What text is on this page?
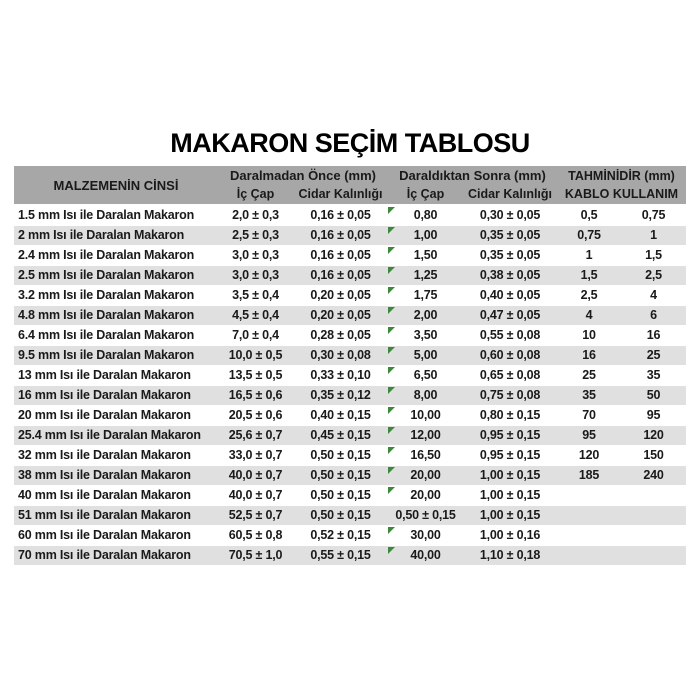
MAKARON SEÇİM TABLOSU
MALZEMENİN CİNSİ
Daralmadan Önce (mm)
İç Çap	Cidar Kalınlığı
Daraldıktan Sonra (mm)
İç Çap	Cidar Kalınlığı
TAHMİNİDİR (mm)
KABLO KULLANIM
1.5 mm Isı ile Daralan Makaron	2,0 ± 0,3	0,16 ± 0,05	0,80	0,30 ± 0,05	0,5	0,75
2 mm Isı ile Daralan Makaron	2,5 ± 0,3	0,16 ± 0,05	1,00	0,35 ± 0,05	0,75	1
2.4 mm Isı ile Daralan Makaron	3,0 ± 0,3	0,16 ± 0,05	1,50	0,35 ± 0,05	1	1,5
2.5 mm Isı ile Daralan Makaron	3,0 ± 0,3	0,16 ± 0,05	1,25	0,38 ± 0,05	1,5	2,5
3.2 mm Isı ile Daralan Makaron	3,5 ± 0,4	0,20 ± 0,05	1,75	0,40 ± 0,05	2,5	4
4.8 mm Isı ile Daralan Makaron	4,5 ± 0,4	0,20 ± 0,05	2,00	0,47 ± 0,05	4	6
6.4 mm Isı ile Daralan Makaron	7,0 ± 0,4	0,28 ± 0,05	3,50	0,55 ± 0,08	10	16
9.5 mm Isı ile Daralan Makaron	10,0 ± 0,5 0,30 ± 0,08	5,00	0,60 ± 0,08	16	25
13 mm Isı ile Daralan Makaron	13,5 ± 0,5 0,33 ± 0,10	6,50	0,65 ± 0,08	25	35
16 mm Isı ile Daralan Makaron	16,5 ± 0,6 0,35 ± 0,12	8,00	0,75 ± 0,08	35	50
20 mm Isı ile Daralan Makaron	20,5 ± 0,6 0,40 ± 0,15	10,00	0,80 ± 0,15	70	95
25.4 mm Isı ile Daralan Makaron 25,6 ± 0,7 0,45 ± 0,15	12,00	0,95 ± 0,15	95	120
32 mm Isı ile Daralan Makaron	33,0 ± 0,7 0,50 ± 0,15	16,50	0,95 ± 0,15	120	150
38 mm Isı ile Daralan Makaron	40,0 ± 0,7 0,50 ± 0,15	20,00	1,00 ± 0,15	185	240
40 mm Isı ile Daralan Makaron	40,0 ± 0,7 0,50 ± 0,15	20,00	1,00 ± 0,15
51 mm Isı ile Daralan Makaron	52,5 ± 0,7 0,50 ± 0,15 0,50 ± 0,15 1,00 ± 0,15
60 mm Isı ile Daralan Makaron	60,5 ± 0,8 0,52 ± 0,15	30,00	1,00 ± 0,16
70 mm Isı ile Daralan Makaron	70,5 ± 1,0 0,55 ± 0,15	40,00	1,10 ± 0,18
